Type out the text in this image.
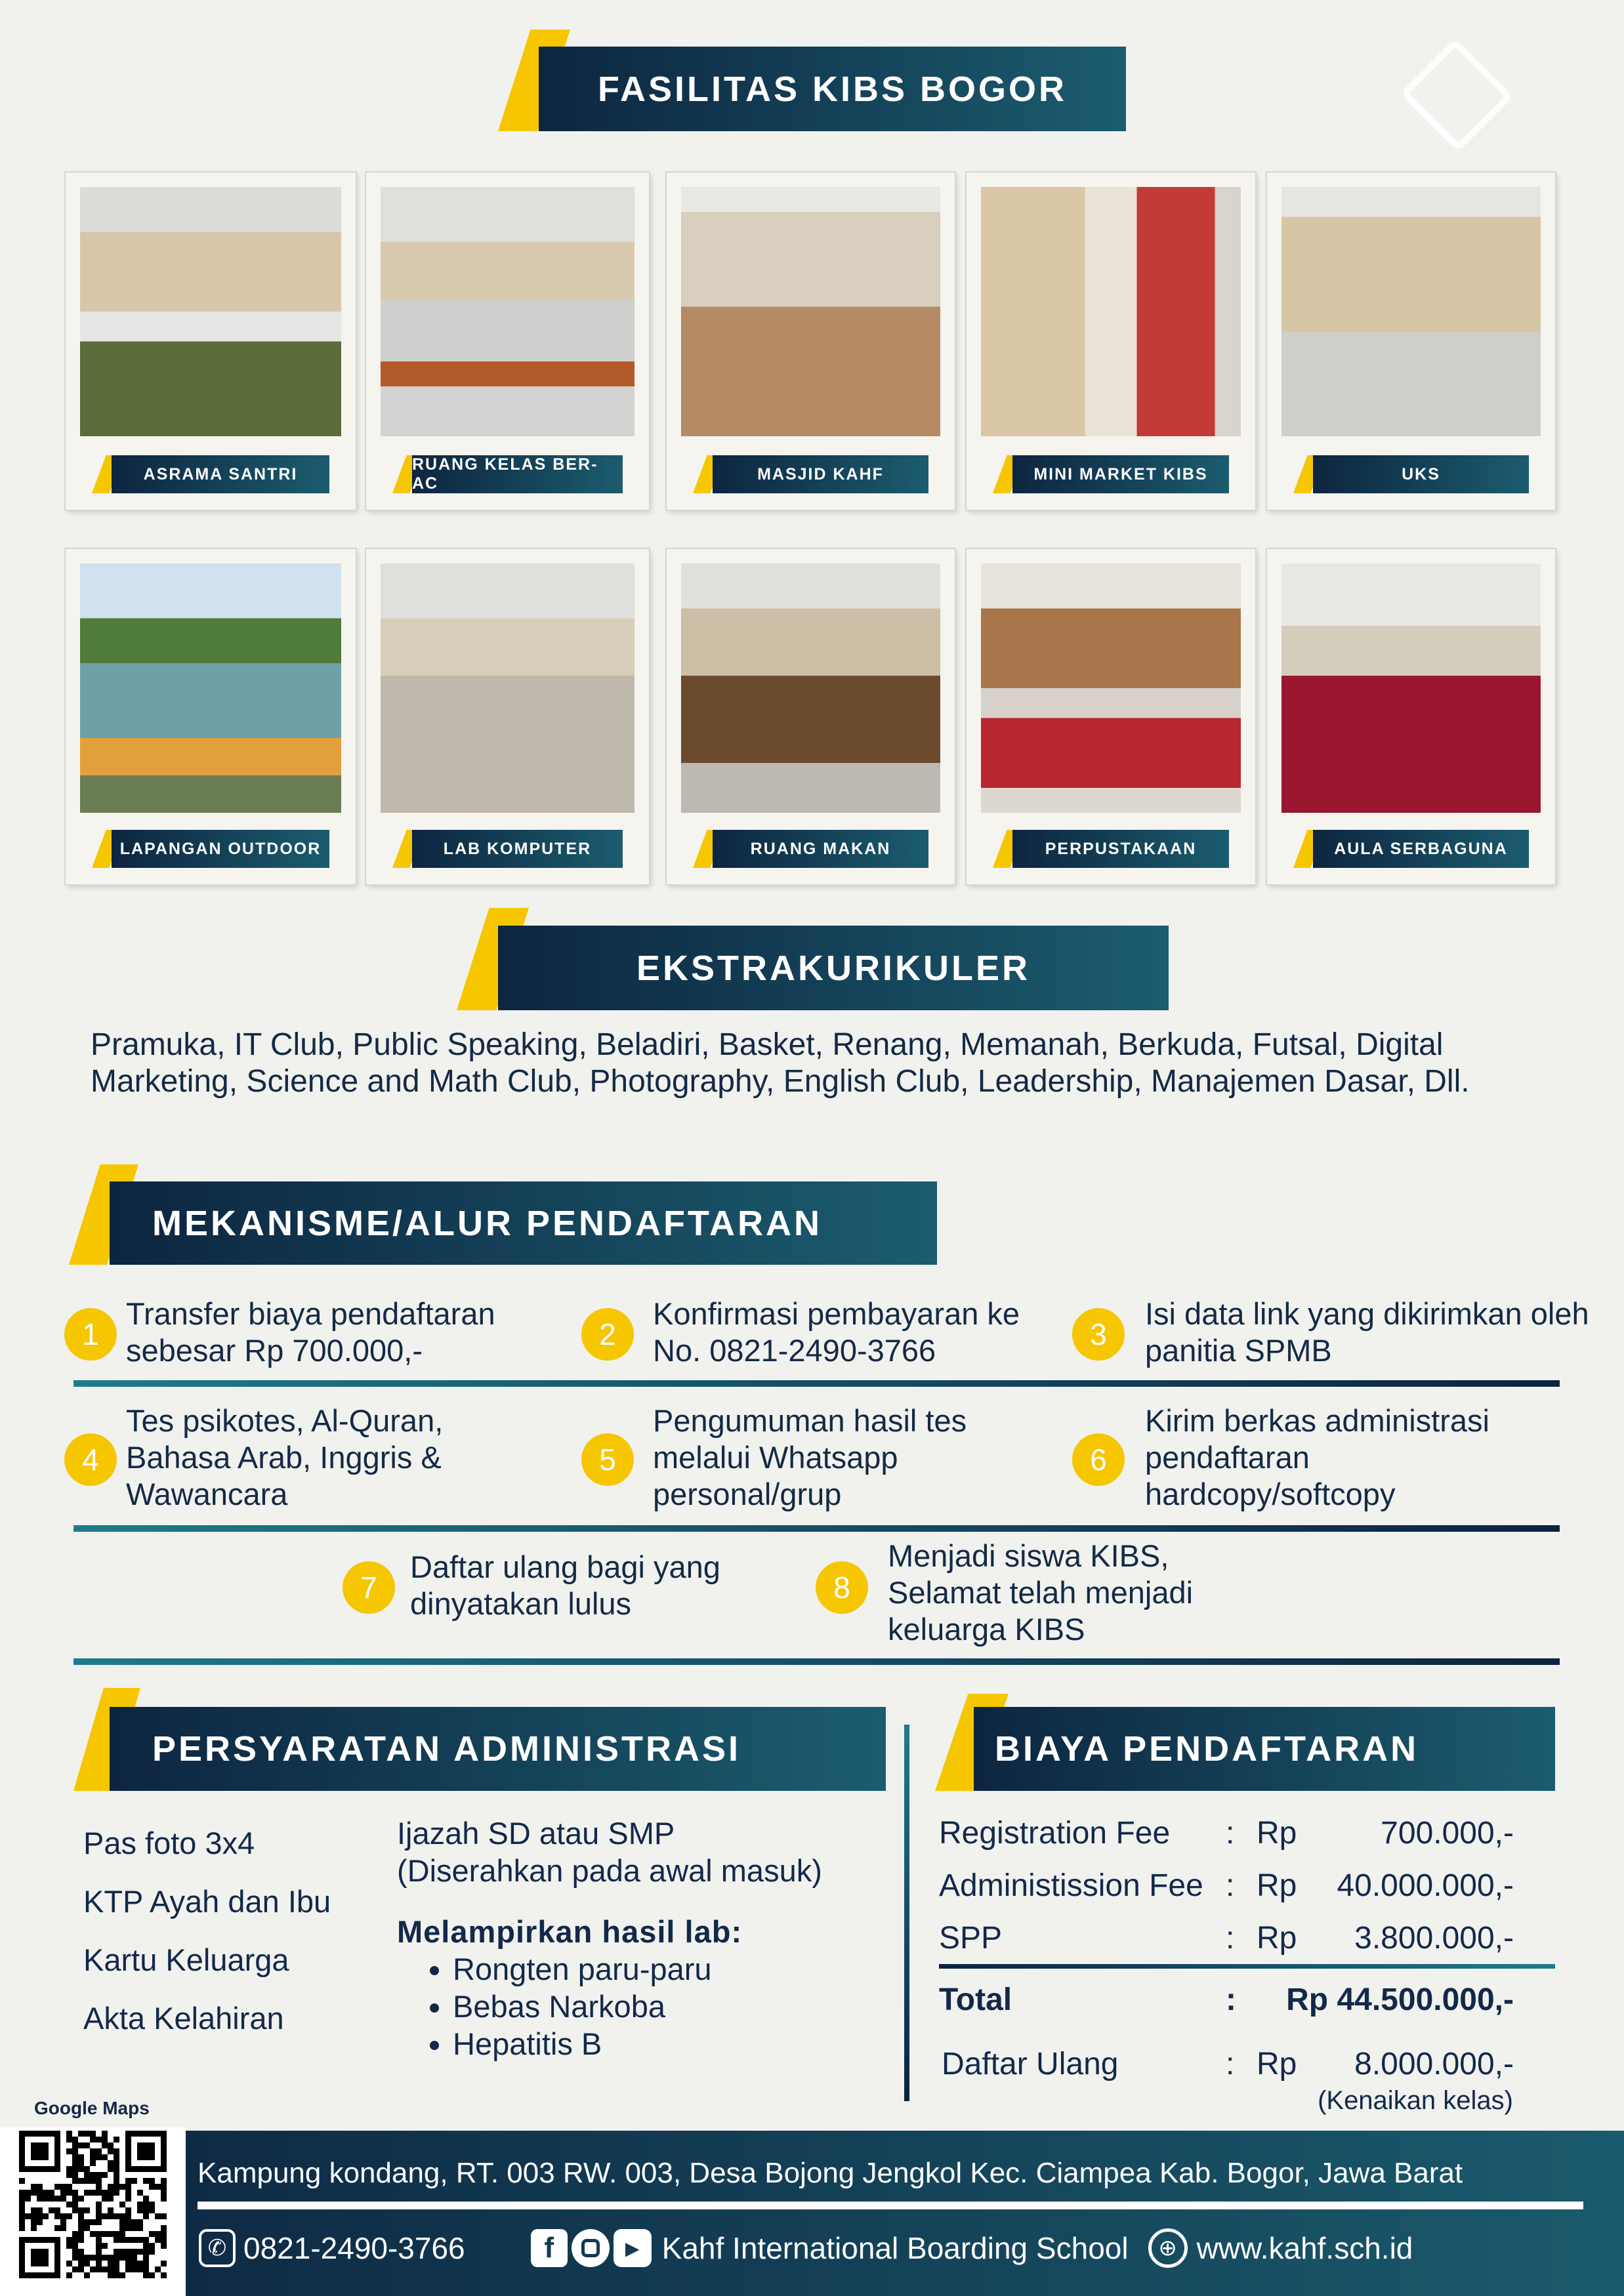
FASILITAS KIBS BOGOR
ASRAMA SANTRI
RUANG KELAS BER-AC
MASJID KAHF	MINI MARKET KIBS	UKS
LAPANGAN OUTDOOR	LAB KOMPUTER	RUANG MAKAN	PERPUSTAKAAN	AULA SERBAGUNA
EKSTRAKURIKULER
Pramuka, IT Club, Public Speaking, Beladiri, Basket, Renang, Memanah, Berkuda, Futsal, Digital Marketing, Science and Math Club, Photography, English Club, Leadership, Manajemen Dasar, Dll.
MEKANISME/ALUR PENDAFTARAN
1
Transfer biaya pendaftaran sebesar Rp 700.000,-	2
Konfirmasi pembayaran ke No. 0821-2490-3766	3
Isi data link yang dikirimkan oleh panitia SPMB
4
Tes psikotes, Al-Quran, Bahasa Arab, Inggris & Wawancara
5
Pengumuman hasil tes melalui Whatsapp personal/grup
6
Kirim berkas administrasi pendaftaran hardcopy/softcopy
7
Daftar ulang bagi yang dinyatakan lulus	8
Menjadi siswa KIBS, Selamat telah menjadi keluarga KIBS
PERSYARATAN ADMINISTRASI
Pas foto 3x4
KTP Ayah dan Ibu
Kartu Keluarga
Akta Kelahiran
Ijazah SD atau SMP
(Diserahkan pada awal masuk)
Melampirkan hasil lab:
• Rongten paru-paru
• Bebas Narkoba
• Hepatitis B
BIAYA PENDAFTARAN
Registration Fee : Rp	700.000,-
Administission Fee : Rp 40.000.000,-
SPP	: Rp 3.800.000,-
Total	: Rp 44.500.000,-
Daftar Ulang	: Rp 8.000.000,-
(Kenaikan kelas)
Google Maps
Kampung kondang, RT. 003 RW. 003, Desa Bojong Jengkol Kec. Ciampea Kab. Bogor, Jawa Barat
✆ 0821-2490-3766	f	▶ Kahf International Boarding School	⊕ www.kahf.sch.id
